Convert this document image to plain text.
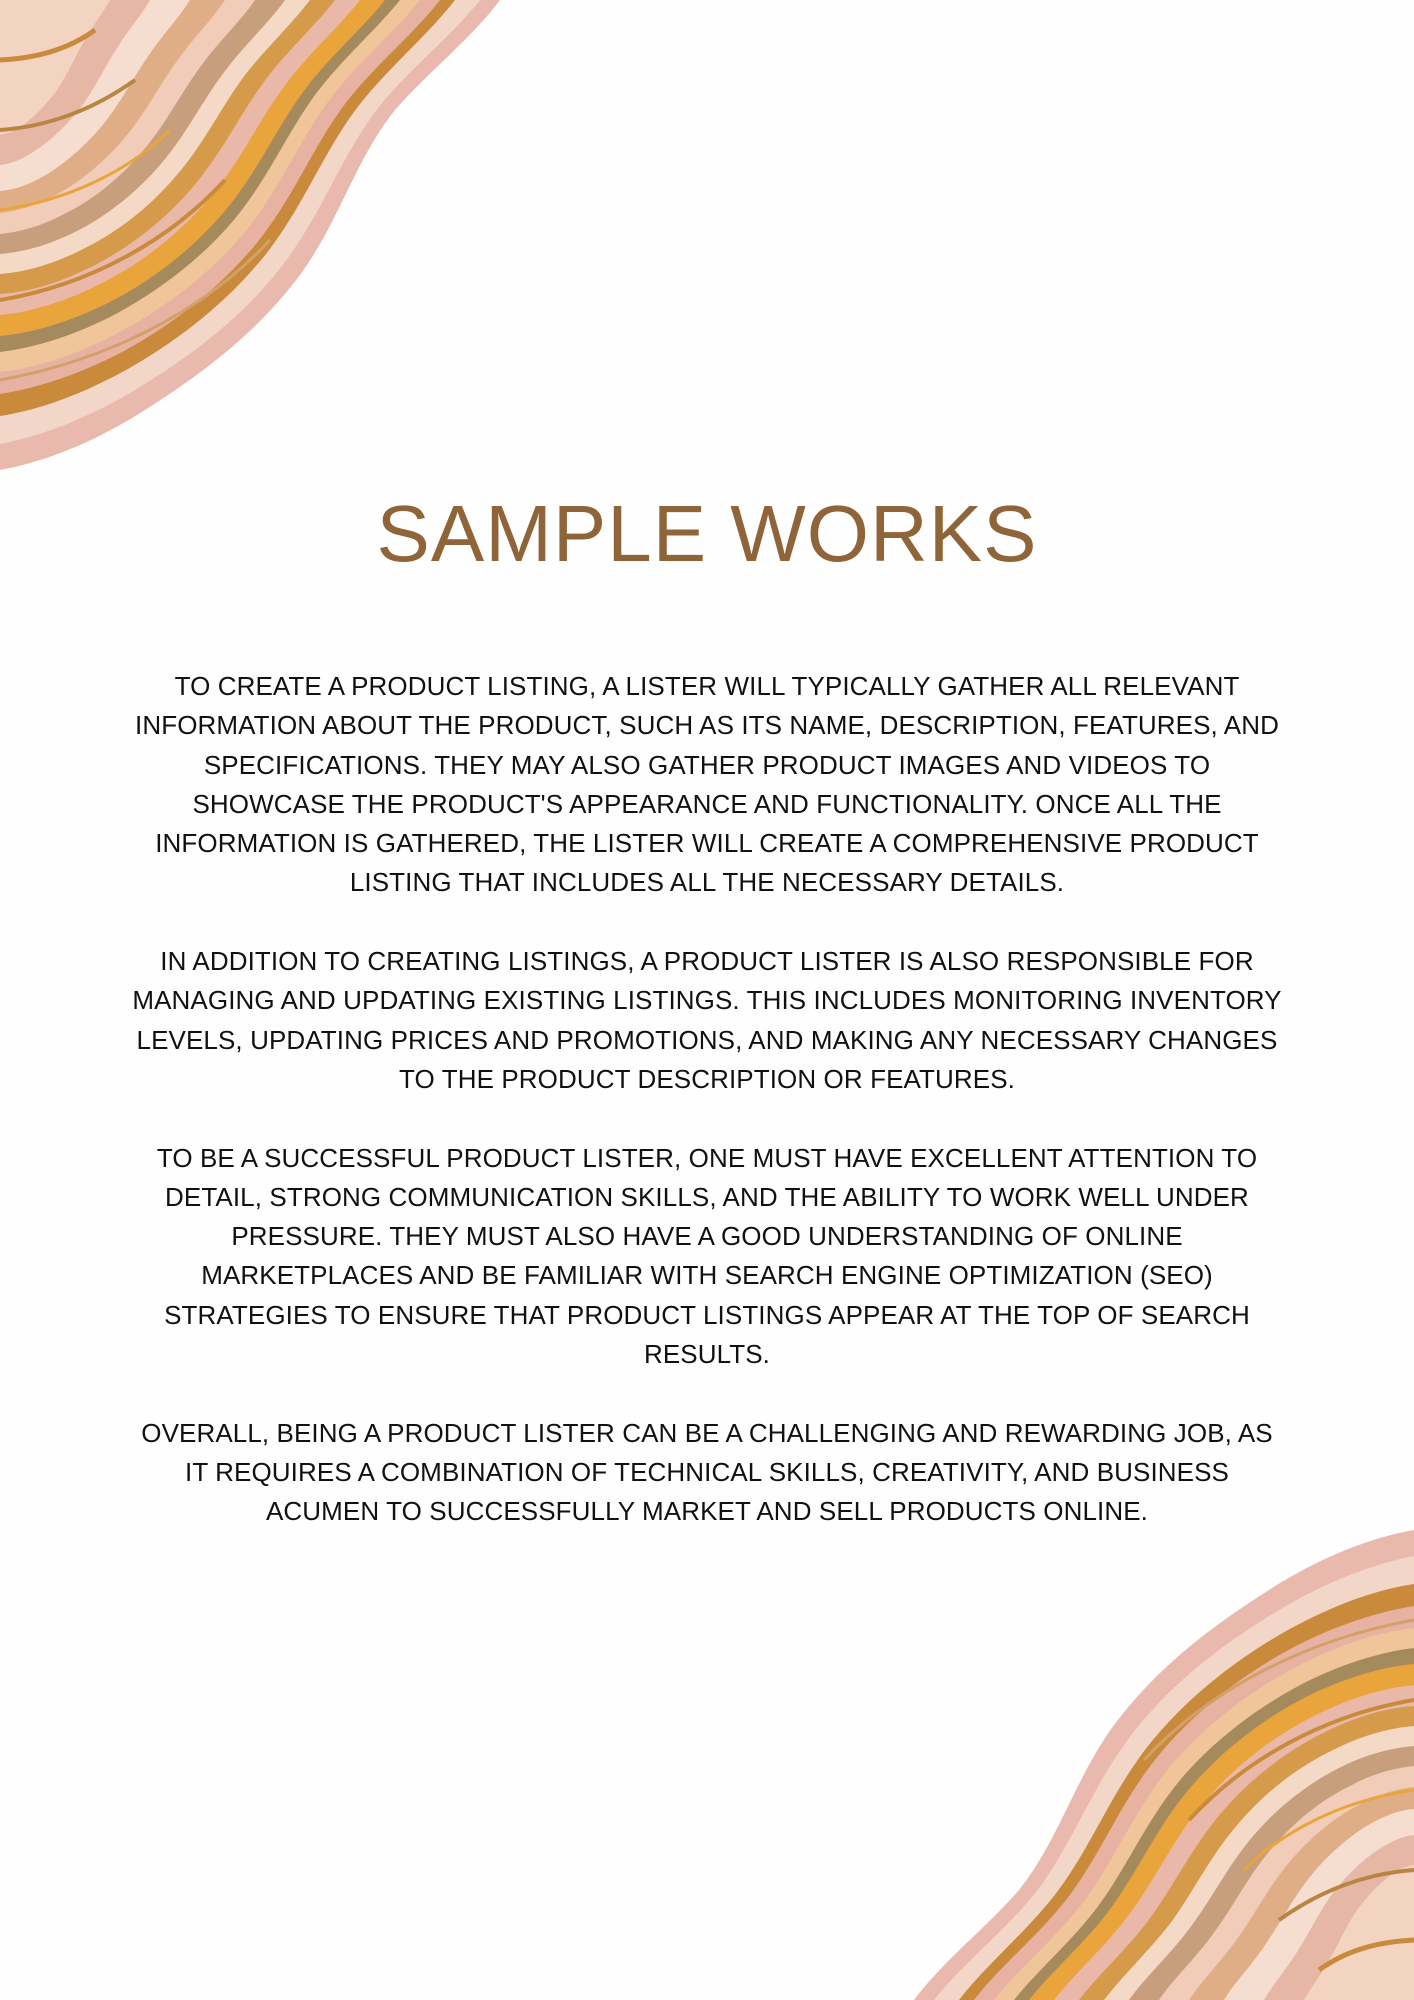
SAMPLE WORKS

TO CREATE A PRODUCT LISTING, A LISTER WILL TYPICALLY GATHER ALL RELEVANT INFORMATION ABOUT THE PRODUCT, SUCH AS ITS NAME, DESCRIPTION, FEATURES, AND SPECIFICATIONS. THEY MAY ALSO GATHER PRODUCT IMAGES AND VIDEOS TO SHOWCASE THE PRODUCT'S APPEARANCE AND FUNCTIONALITY. ONCE ALL THE INFORMATION IS GATHERED, THE LISTER WILL CREATE A COMPREHENSIVE PRODUCT LISTING THAT INCLUDES ALL THE NECESSARY DETAILS.

IN ADDITION TO CREATING LISTINGS, A PRODUCT LISTER IS ALSO RESPONSIBLE FOR MANAGING AND UPDATING EXISTING LISTINGS. THIS INCLUDES MONITORING INVENTORY LEVELS, UPDATING PRICES AND PROMOTIONS, AND MAKING ANY NECESSARY CHANGES TO THE PRODUCT DESCRIPTION OR FEATURES.

TO BE A SUCCESSFUL PRODUCT LISTER, ONE MUST HAVE EXCELLENT ATTENTION TO DETAIL, STRONG COMMUNICATION SKILLS, AND THE ABILITY TO WORK WELL UNDER PRESSURE. THEY MUST ALSO HAVE A GOOD UNDERSTANDING OF ONLINE MARKETPLACES AND BE FAMILIAR WITH SEARCH ENGINE OPTIMIZATION (SEO) STRATEGIES TO ENSURE THAT PRODUCT LISTINGS APPEAR AT THE TOP OF SEARCH RESULTS.

OVERALL, BEING A PRODUCT LISTER CAN BE A CHALLENGING AND REWARDING JOB, AS IT REQUIRES A COMBINATION OF TECHNICAL SKILLS, CREATIVITY, AND BUSINESS ACUMEN TO SUCCESSFULLY MARKET AND SELL PRODUCTS ONLINE.
